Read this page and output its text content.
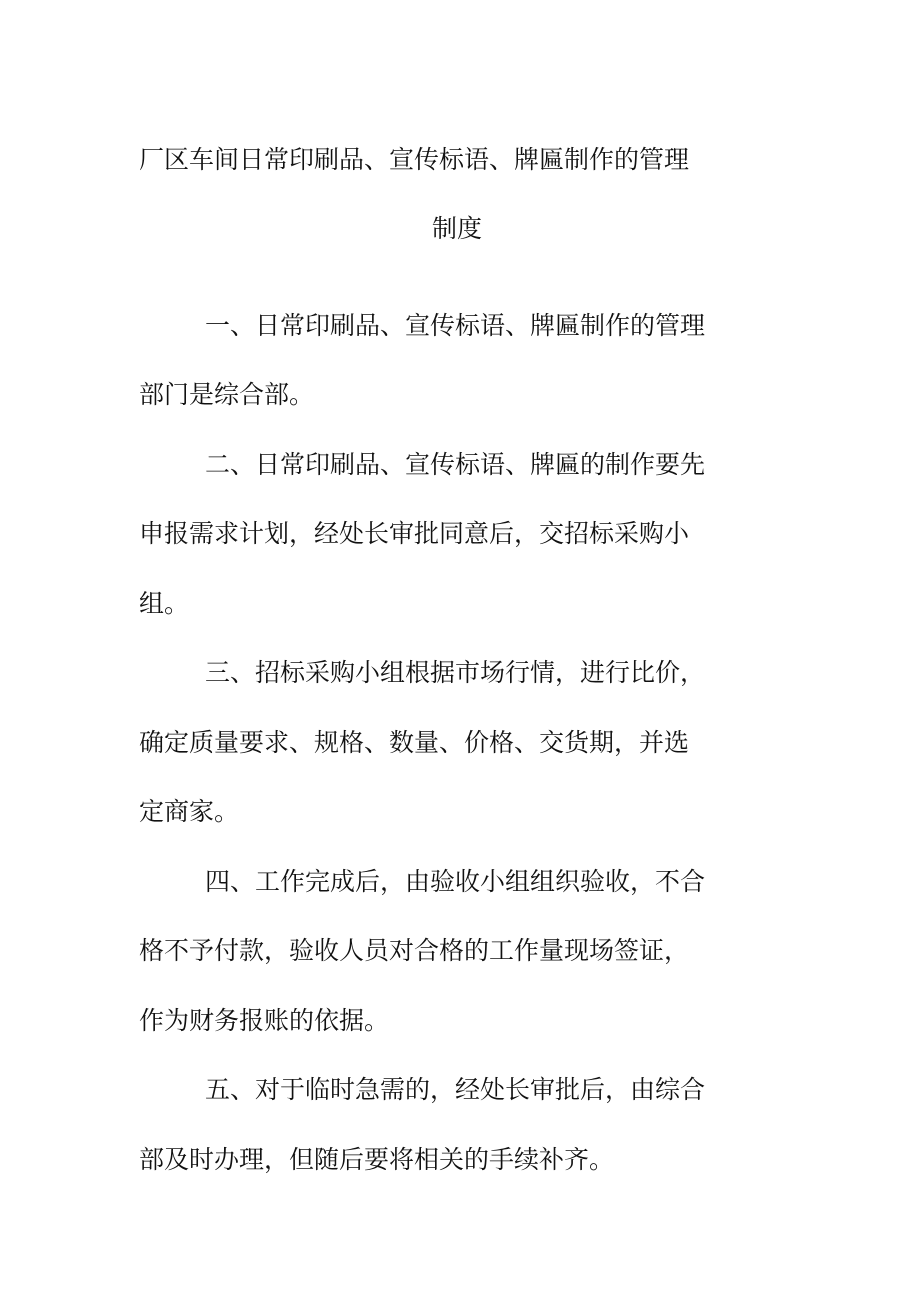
厂区车间日常印刷品、宣传标语、牌匾制作的管理
制度
一、日常印刷品、宣传标语、牌匾制作的管理
部门是综合部。
二、日常印刷品、宣传标语、牌匾的制作要先
申报需求计划，经处长审批同意后，交招标采购小
组。
三、招标采购小组根据市场行情，进行比价，
确定质量要求、规格、数量、价格、交货期，并选
定商家。
四、工作完成后，由验收小组组织验收，不合
格不予付款，验收人员对合格的工作量现场签证，
作为财务报账的依据。
五、对于临时急需的，经处长审批后，由综合
部及时办理，但随后要将相关的手续补齐。
